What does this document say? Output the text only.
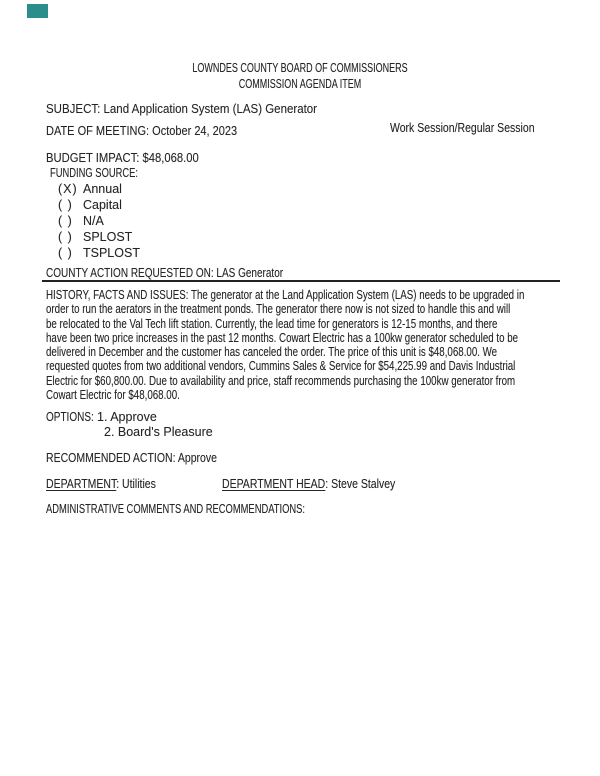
LOWNDES COUNTY BOARD OF COMMISSIONERS
COMMISSION AGENDA ITEM
SUBJECT: Land Application System (LAS) Generator
DATE OF MEETING: October 24, 2023	Work Session/Regular Session
BUDGET IMPACT: $48,068.00
FUNDING SOURCE:
(X) Annual
( ) Capital
( ) N/A
( ) SPLOST
( ) TSPLOST
COUNTY ACTION REQUESTED ON: LAS Generator
HISTORY, FACTS AND ISSUES: The generator at the Land Application System (LAS) needs to be upgraded in
order to run the aerators in the treatment ponds. The generator there now is not sized to handle this and will
be relocated to the Val Tech lift station. Currently, the lead time for generators is 12-15 months, and there
have been two price increases in the past 12 months. Cowart Electric has a 100kw generator scheduled to be
delivered in December and the customer has canceled the order. The price of this unit is $48,068.00. We
requested quotes from two additional vendors, Cummins Sales & Service for $54,225.99 and Davis Industrial
Electric for $60,800.00. Due to availability and price, staff recommends purchasing the 100kw generator from
Cowart Electric for $48,068.00.
OPTIONS: 1. Approve
2. Board's Pleasure
RECOMMENDED ACTION: Approve
DEPARTMENT: Utilities	DEPARTMENT HEAD: Steve Stalvey
ADMINISTRATIVE COMMENTS AND RECOMMENDATIONS:
